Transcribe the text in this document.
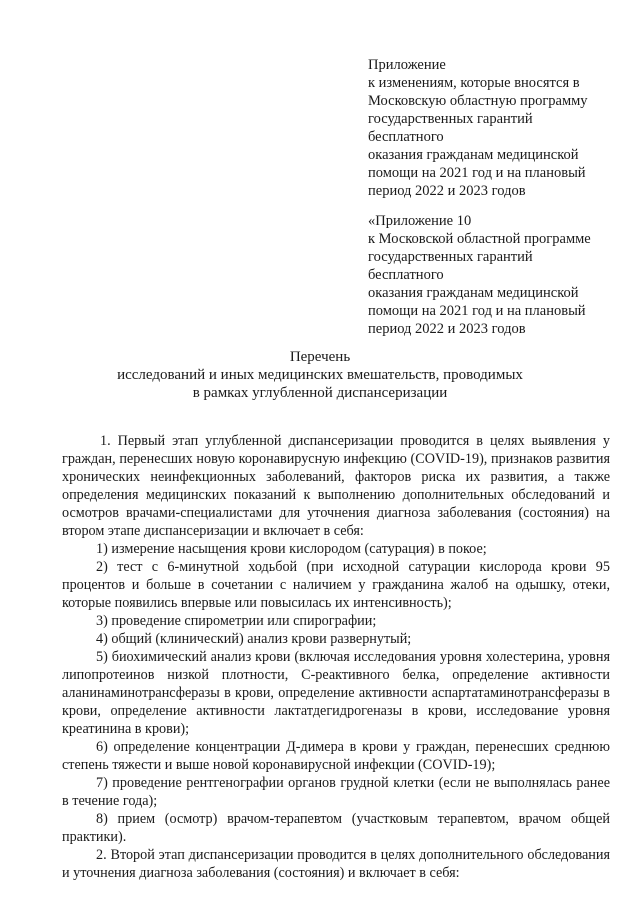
Приложение
к изменениям, которые вносятся в
Московскую областную программу
государственных гарантий
бесплатного
оказания гражданам медицинской
помощи на 2021 год и на плановый
период 2022 и 2023 годов
«Приложение 10
к Московской областной программе
государственных гарантий
бесплатного
оказания гражданам медицинской
помощи на 2021 год и на плановый
период 2022 и 2023 годов
Перечень
исследований и иных медицинских вмешательств, проводимых
в рамках углубленной диспансеризации

1. Первый этап углубленной диспансеризации проводится в целях выявления у граждан, перенесших новую коронавирусную инфекцию (COVID-19), признаков развития хронических неинфекционных заболеваний, факторов риска их развития, а также определения медицинских показаний к выполнению дополнительных обследований и осмотров врачами-специалистами для уточнения диагноза заболевания (состояния) на втором этапе диспансеризации и включает в себя:

1) измерение насыщения крови кислородом (сатурация) в покое;

2) тест с 6-минутной ходьбой (при исходной сатурации кислорода крови 95 процентов и больше в сочетании с наличием у гражданина жалоб на одышку, отеки, которые появились впервые или повысилась их интенсивность);

3) проведение спирометрии или спирографии;

4) общий (клинический) анализ крови развернутый;

5) биохимический анализ крови (включая исследования уровня холестерина, уровня липопротеинов низкой плотности, С-реактивного белка, определение активности аланинаминотрансферазы в крови, определение активности аспартатаминотрансферазы в крови, определение активности лактатдегидрогеназы в крови, исследование уровня креатинина в крови);

6) определение концентрации Д-димера в крови у граждан, перенесших среднюю степень тяжести и выше новой коронавирусной инфекции (COVID-19);

7) проведение рентгенографии органов грудной клетки (если не выполнялась ранее в течение года);

8) прием (осмотр) врачом-терапевтом (участковым терапевтом, врачом общей практики).

2. Второй этап диспансеризации проводится в целях дополнительного обследования и уточнения диагноза заболевания (состояния) и включает в себя:
